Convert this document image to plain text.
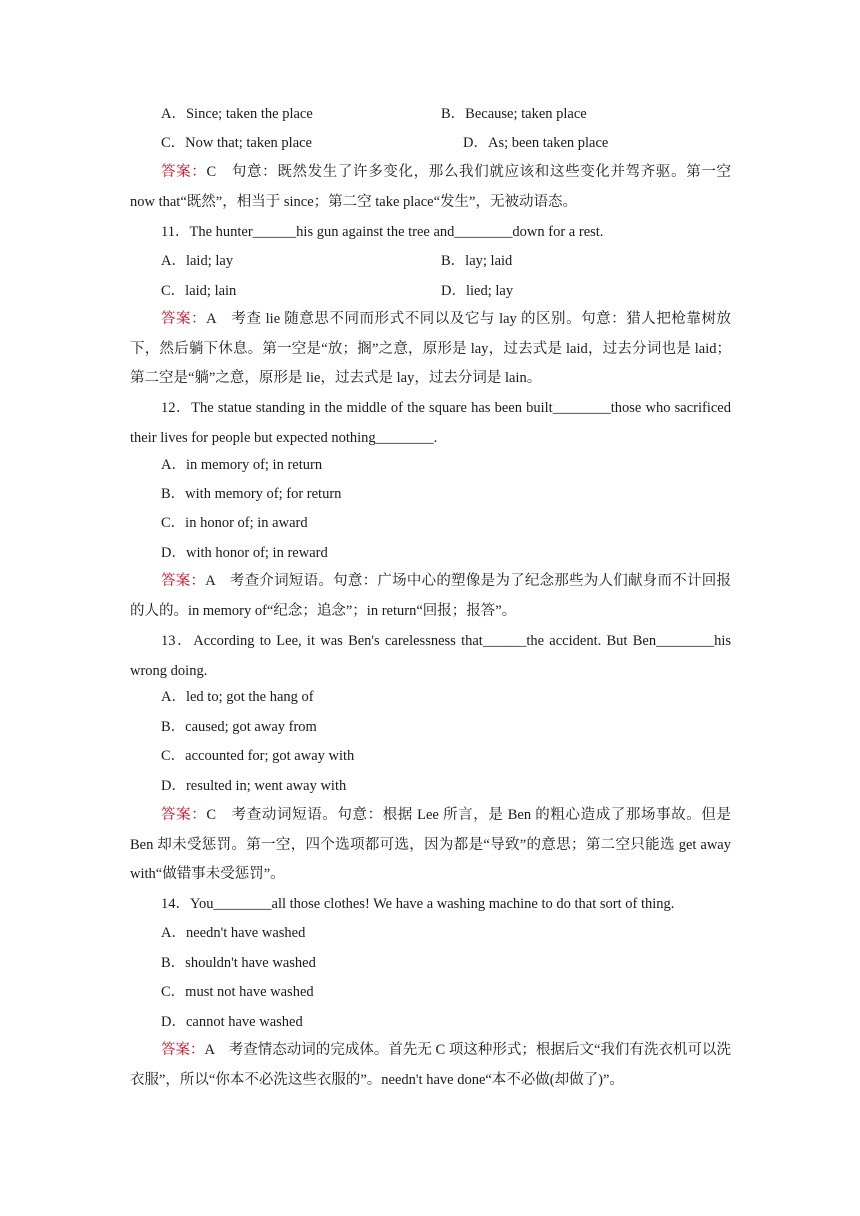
A．Since; taken the place	B．Because; taken place
C．Now that; taken place	D．As; been taken place
答案：C　句意：既然发生了许多变化，那么我们就应该和这些变化并驾齐驱。第一空now that“既然”，相当于 since；第二空 take place“发生”，无被动语态。
11．The hunter______his gun against the tree and________down for a rest.
A．laid; lay	B．lay; laid
C．laid; lain	D．lied; lay
答案：A　考查 lie 随意思不同而形式不同以及它与 lay 的区别。句意：猎人把枪靠树放下，然后躺下休息。第一空是“放；搁”之意，原形是 lay，过去式是 laid，过去分词也是 laid；第二空是“躺”之意，原形是 lie，过去式是 lay，过去分词是 lain。
12．The statue standing in the middle of the square has been built________those who sacrificed their lives for people but expected nothing________.
A．in memory of; in return
B．with memory of; for return
C．in honor of; in award
D．with honor of; in reward
答案：A　考查介词短语。句意：广场中心的塑像是为了纪念那些为人们献身而不计回报的人的。in memory of“纪念；追念”；in return“回报；报答”。
13．According to Lee, it was Ben's carelessness that______the accident. But Ben________his wrong doing.
A．led to; got the hang of
B．caused; got away from
C．accounted for; got away with
D．resulted in; went away with
答案：C　考查动词短语。句意：根据 Lee 所言，是 Ben 的粗心造成了那场事故。但是 Ben 却未受惩罚。第一空，四个选项都可选，因为都是“导致”的意思；第二空只能选 get away with“做错事未受惩罚”。
14．You________all those clothes! We have a washing machine to do that sort of thing.
A．needn't have washed
B．shouldn't have washed
C．must not have washed
D．cannot have washed
答案：A　考查情态动词的完成体。首先无 C 项这种形式；根据后文“我们有洗衣机可以洗衣服”，所以“你本不必洗这些衣服的”。needn't have done“本不必做(却做了)”。
